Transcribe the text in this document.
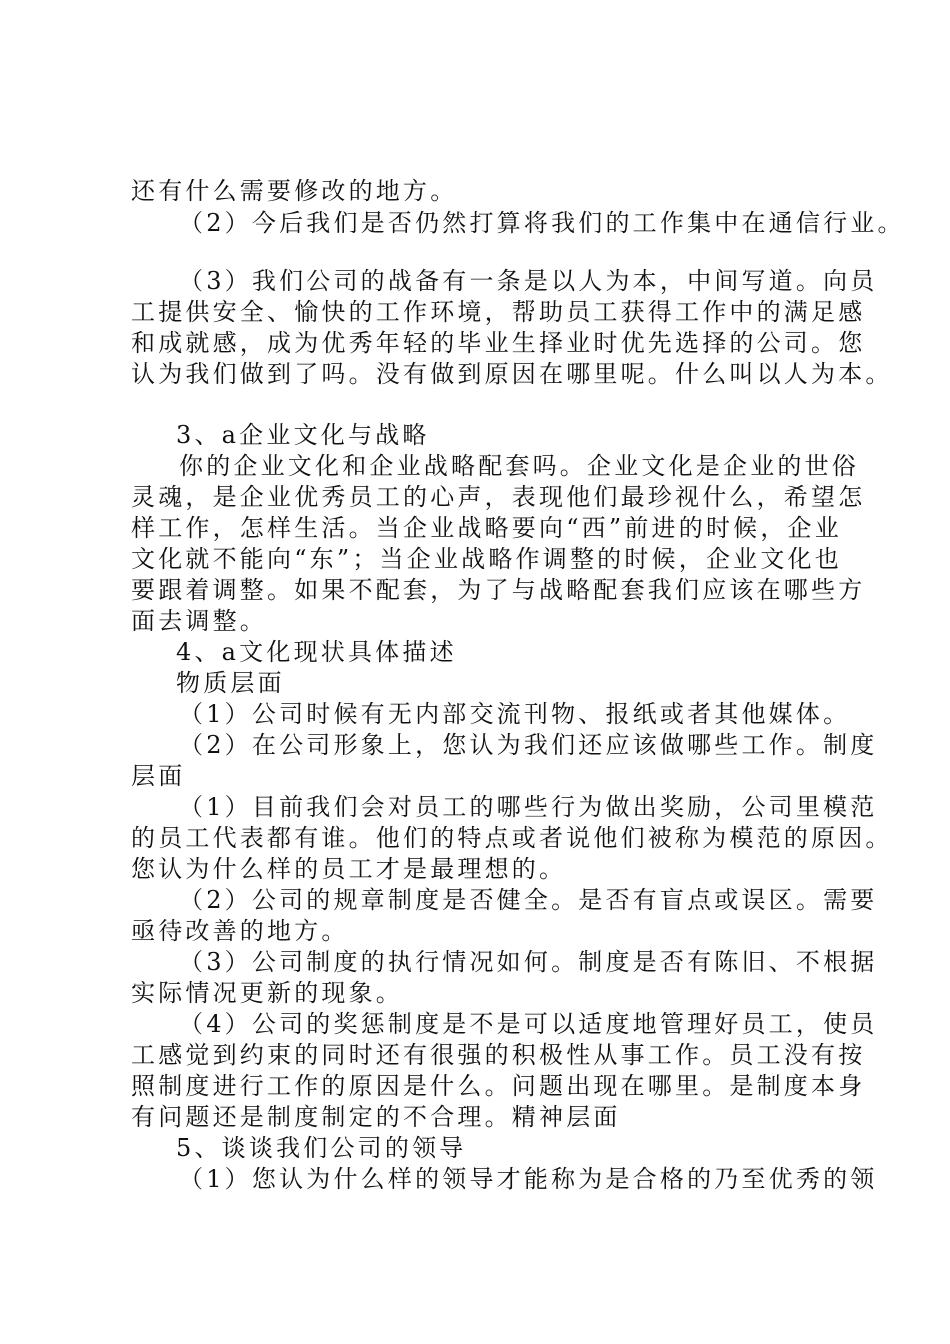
还有什么需要修改的地方。
（2）今后我们是否仍然打算将我们的工作集中在通信行业。
（3）我们公司的战备有一条是以人为本，中间写道。向员
工提供安全、愉快的工作环境，帮助员工获得工作中的满足感
和成就感，成为优秀年轻的毕业生择业时优先选择的公司。您
认为我们做到了吗。没有做到原因在哪里呢。什么叫以人为本。
3、a企业文化与战略
你的企业文化和企业战略配套吗。企业文化是企业的世俗
灵魂，是企业优秀员工的心声，表现他们最珍视什么，希望怎
样工作，怎样生活。当企业战略要向“西”前进的时候，企业
文化就不能向“东”；当企业战略作调整的时候，企业文化也
要跟着调整。如果不配套，为了与战略配套我们应该在哪些方
面去调整。
4、a文化现状具体描述
物质层面
（1）公司时候有无内部交流刊物、报纸或者其他媒体。
（2）在公司形象上，您认为我们还应该做哪些工作。制度
层面
（1）目前我们会对员工的哪些行为做出奖励，公司里模范
的员工代表都有谁。他们的特点或者说他们被称为模范的原因。
您认为什么样的员工才是最理想的。
（2）公司的规章制度是否健全。是否有盲点或误区。需要
亟待改善的地方。
（3）公司制度的执行情况如何。制度是否有陈旧、不根据
实际情况更新的现象。
（4）公司的奖惩制度是不是可以适度地管理好员工，使员
工感觉到约束的同时还有很强的积极性从事工作。员工没有按
照制度进行工作的原因是什么。问题出现在哪里。是制度本身
有问题还是制度制定的不合理。精神层面
5、谈谈我们公司的领导
（1）您认为什么样的领导才能称为是合格的乃至优秀的领
